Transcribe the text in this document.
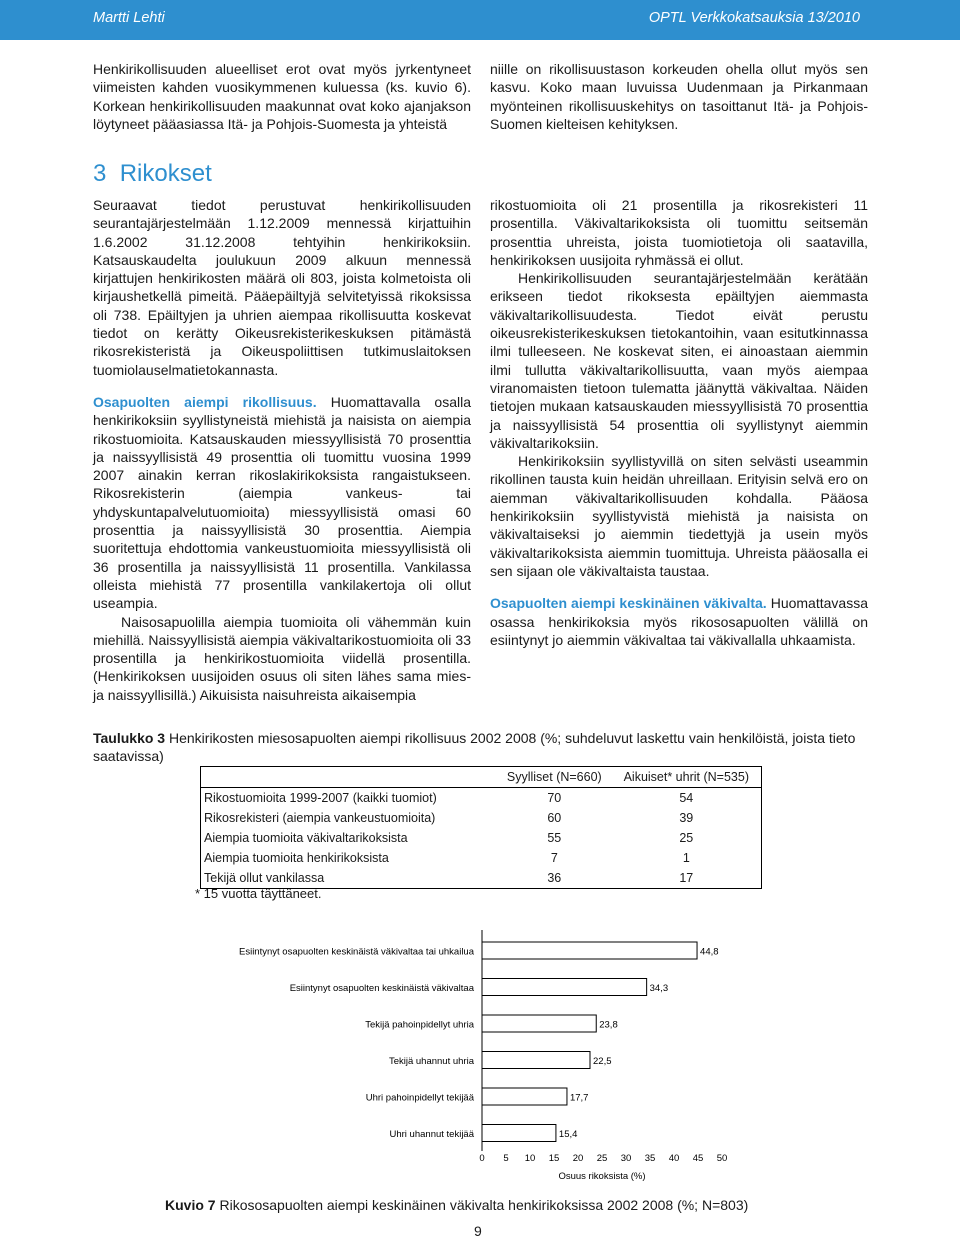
Martti Lehti	OPTL Verkkokatsauksia 13/2010

Henkirikollisuuden alueelliset erot ovat myös jyrkentyneet viimeisten kahden vuosikymmenen kuluessa (ks. kuvio 6). Korkean henkirikollisuuden maakunnat ovat koko ajanjakson löytyneet pääasiassa Itä- ja Pohjois-Suomesta ja yhteistä

niille on rikollisuustason korkeuden ohella ollut myös sen kasvu. Koko maan luvuissa Uudenmaan ja Pirkanmaan myönteinen rikollisuuskehitys on tasoittanut Itä- ja Pohjois-Suomen kielteisen kehityksen.

3 Rikokset

Seuraavat tiedot perustuvat henkirikollisuuden seurantajärjestelmään 1.12.2009 mennessä kirjattuihin 1.6.2002 31.12.2008 tehtyihin henkirikoksiin. Katsauskaudelta joulukuun 2009 alkuun mennessä kirjattujen henkirikosten määrä oli 803, joista kolmetoista oli kirjaushetkellä pimeitä. Pääepäiltyjä selvitetyissä rikoksissa oli 738. Epäiltyjen ja uhrien aiempaa rikollisuutta koskevat tiedot on kerätty Oikeusrekisterikeskuksen pitämästä rikosrekisteristä ja Oikeuspoliittisen tutkimuslaitoksen tuomiolauselmatietokannasta.

Osapuolten aiempi rikollisuus. Huomattavalla osalla henkirikoksiin syyllistyneistä miehistä ja naisista on aiempia rikostuomioita. Katsauskauden miessyyllisistä 70 prosenttia ja naissyyllisistä 49 prosenttia oli tuomittu vuosina 1999 2007 ainakin kerran rikoslakirikoksista rangaistukseen. Rikosrekisterin (aiempia vankeus- tai yhdyskuntapalvelutuomioita) miessyyllisistä omasi 60 prosenttia ja naissyyllisistä 30 prosenttia. Aiempia suoritettuja ehdottomia vankeustuomioita miessyyllisistä oli 36 prosentilla ja naissyyllisistä 11 prosentilla. Vankilassa olleista miehistä 77 prosentilla vankilakertoja oli ollut useampia.

Naisosapuolilla aiempia tuomioita oli vähemmän kuin miehillä. Naissyyllisistä aiempia väkivaltarikostuomioita oli 33 prosentilla ja henkirikostuomioita viidellä prosentilla. (Henkirikoksen uusijoiden osuus oli siten lähes sama mies- ja naissyyllisillä.) Aikuisista naisuhreista aikaisempia

rikostuomioita oli 21 prosentilla ja rikosrekisteri 11 prosentilla. Väkivaltarikoksista oli tuomittu seitsemän prosenttia uhreista, joista tuomiotietoja oli saatavilla, henkirikoksen uusijoita ryhmässä ei ollut.

Henkirikollisuuden seurantajärjestelmään kerätään erikseen tiedot rikoksesta epäiltyjen aiemmasta väkivaltarikollisuudesta. Tiedot eivät perustu oikeusrekisterikeskuksen tietokantoihin, vaan esitutkinnassa ilmi tulleeseen. Ne koskevat siten, ei ainoastaan aiemmin ilmi tullutta väkivaltarikollisuutta, vaan myös aiempaa viranomaisten tietoon tulematta jäänyttä väkivaltaa. Näiden tietojen mukaan katsauskauden miessyyllisistä 70 prosenttia ja naissyyllisistä 54 prosenttia oli syyllistynyt aiemmin väkivaltarikoksiin.

Henkirikoksiin syyllistyvillä on siten selvästi useammin rikollinen tausta kuin heidän uhreillaan. Erityisin selvä ero on aiemman väkivaltarikollisuuden kohdalla. Pääosa henkirikoksiin syyllistyvistä miehistä ja naisista on väkivaltaiseksi jo aiemmin tiedettyjä ja usein myös väkivaltarikoksista aiemmin tuomittuja. Uhreista pääosalla ei sen sijaan ole väkivaltaista taustaa.

Osapuolten aiempi keskinäinen väkivalta. Huomattavassa osassa henkirikoksia myös rikososapuolten välillä on esiintynyt jo aiemmin väkivaltaa tai väkivallalla uhkaamista.

Taulukko 3 Henkirikosten miesosapuolten aiempi rikollisuus 2002 2008 (%; suhdeluvut laskettu vain henkilöistä, joista tieto saatavissa)
	Syylliset (N=660)	Aikuiset* uhrit (N=535)
Rikostuomioita 1999-2007 (kaikki tuomiot)	70	54
Rikosrekisteri (aiempia vankeustuomioita)	60	39
Aiempia tuomioita väkivaltarikoksista	55	25
Aiempia tuomioita henkirikoksista	7	1
Tekijä ollut vankilassa	36	17
* 15 vuotta täyttäneet.
Esiintynyt osapuolten keskinäistä väkivaltaa tai uhkailua	44,8
Esiintynyt osapuolten keskinäistä väkivaltaa	34,3
Tekijä pahoinpidellyt uhria	23,8
Tekijä uhannut uhria	22,5
Uhri pahoinpidellyt tekijää	17,7
Uhri uhannut tekijää	15,4
0 5 10 15 20 25 30 35 40 45 50
Osuus rikoksista (%)
Kuvio 7 Rikososapuolten aiempi keskinäinen väkivalta henkirikoksissa 2002 2008 (%; N=803)
9
